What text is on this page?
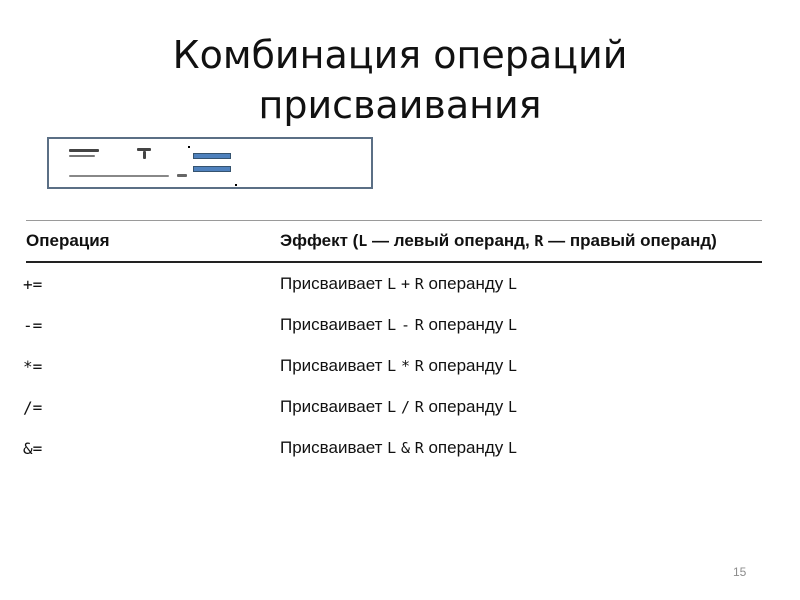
Комбинация операций
присваивания
Операция	Эффект (L — левый операнд, R — правый операнд)
+=	Присваивает L + R операнду L
-=	Присваивает L - R операнду L
*=	Присваивает L * R операнду L
/=	Присваивает L / R операнду L
&=	Присваивает L & R операнду L
15
